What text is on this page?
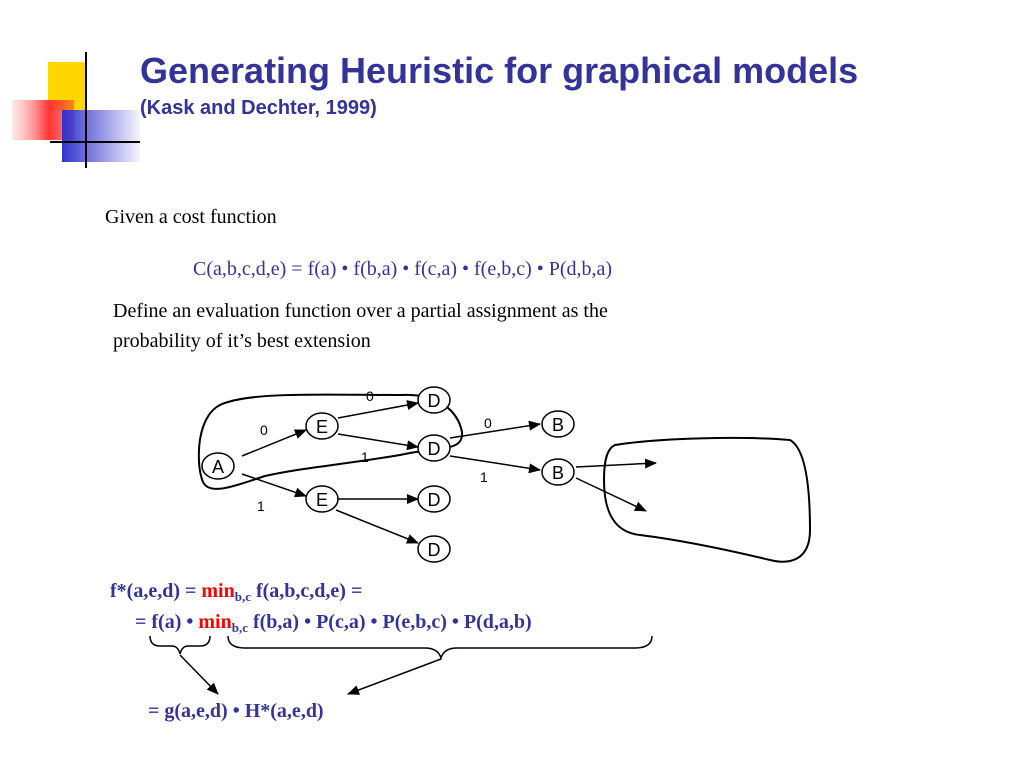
Generating Heuristic for graphical models
(Kask and Dechter, 1999)
Given a cost function
C(a,b,c,d,e) = f(a) • f(b,a) • f(c,a) • f(e,b,c) • P(d,b,a)
Define an evaluation function over a partial assignment as the
probability of it’s best extension
0
1
0
1
0
1
A
E
E
D
D
D
D
B
B
$f*(a,e,d) = \min_{b,c} f(a,b,c,d,e)$ =
= f(a) • $\min_{b,c} f(b,a)$ • P(c,a) • P(e,b,c) • P(d,a,b)
= g(a,e,d) • H*(a,e,d)
